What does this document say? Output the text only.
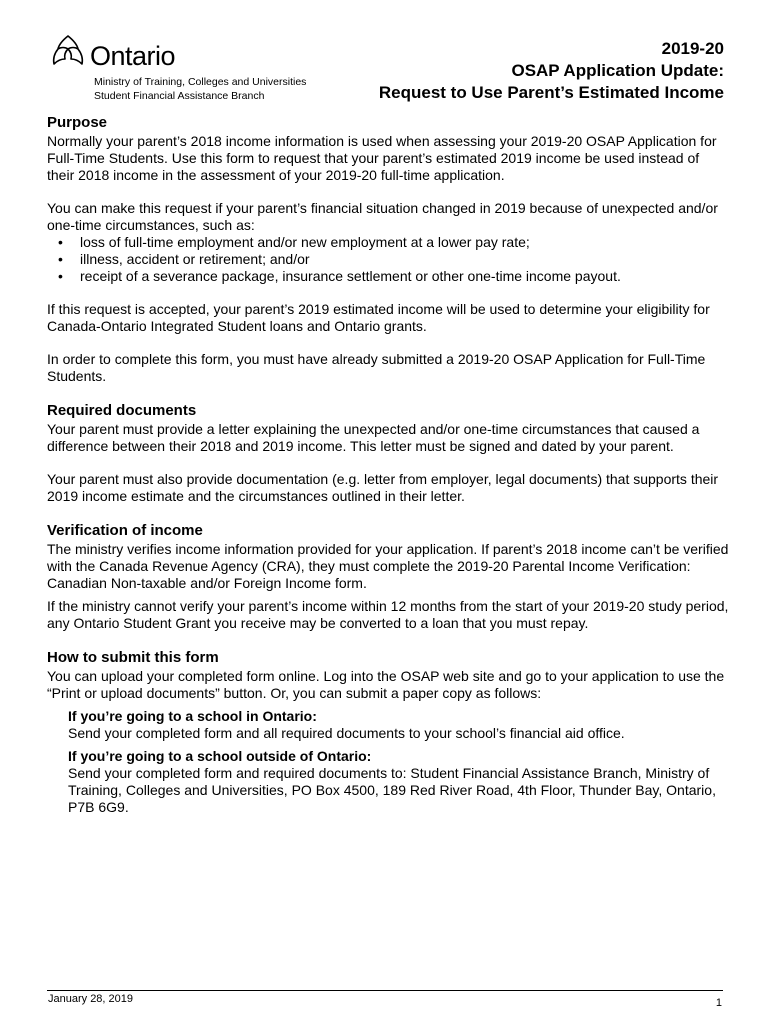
Ontario
Ministry of Training, Colleges and Universities
Student Financial Assistance Branch
2019-20
OSAP Application Update:
Request to Use Parent’s Estimated Income
Purpose

Normally your parent’s 2018 income information is used when assessing your 2019-20 OSAP Application for Full-Time Students. Use this form to request that your parent’s estimated 2019 income be used instead of their 2018 income in the assessment of your 2019-20 full-time application.

You can make this request if your parent’s financial situation changed in 2019 because of unexpected and/or one-time circumstances, such as:

• loss of full-time employment and/or new employment at a lower pay rate;
• illness, accident or retirement; and/or
• receipt of a severance package, insurance settlement or other one-time income payout.

If this request is accepted, your parent’s 2019 estimated income will be used to determine your eligibility for Canada-Ontario Integrated Student loans and Ontario grants.

In order to complete this form, you must have already submitted a 2019-20 OSAP Application for Full-Time Students.

Required documents

Your parent must provide a letter explaining the unexpected and/or one-time circumstances that caused a difference between their 2018 and 2019 income. This letter must be signed and dated by your parent.

Your parent must also provide documentation (e.g. letter from employer, legal documents) that supports their 2019 income estimate and the circumstances outlined in their letter.

Verification of income

The ministry verifies income information provided for your application. If parent’s 2018 income can’t be verified with the Canada Revenue Agency (CRA), they must complete the 2019-20 Parental Income Verification: Canadian Non-taxable and/or Foreign Income form.

If the ministry cannot verify your parent’s income within 12 months from the start of your 2019-20 study period, any Ontario Student Grant you receive may be converted to a loan that you must repay.

How to submit this form

You can upload your completed form online. Log into the OSAP web site and go to your application to use the “Print or upload documents” button. Or, you can submit a paper copy as follows:

If you’re going to a school in Ontario:

Send your completed form and all required documents to your school’s financial aid office.

If you’re going to a school outside of Ontario:

Send your completed form and required documents to: Student Financial Assistance Branch, Ministry of Training, Colleges and Universities, PO Box 4500, 189 Red River Road, 4th Floor, Thunder Bay, Ontario, P7B 6G9.

January 28, 2019	1
